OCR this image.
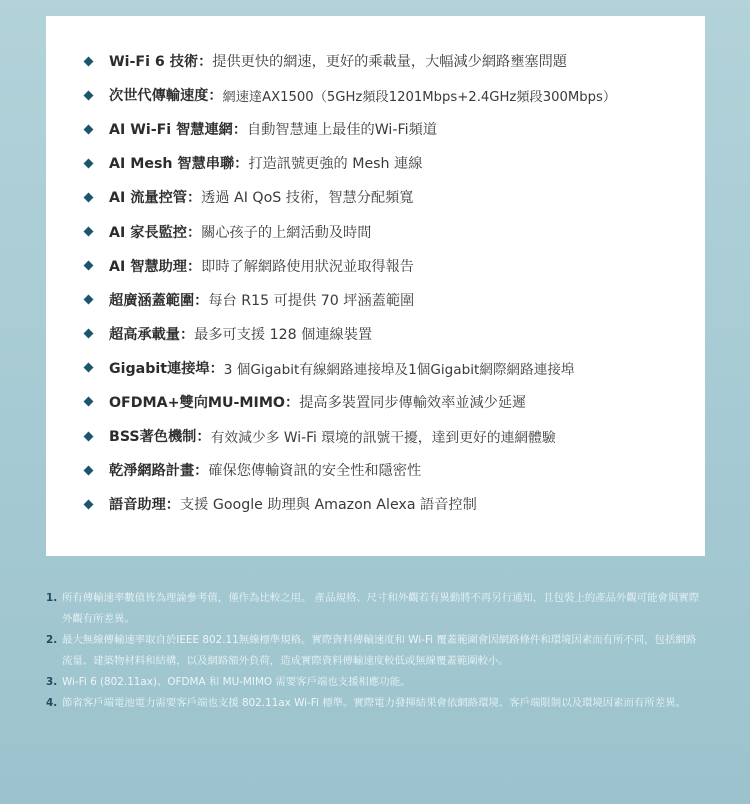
Wi-Fi 6 技術： 提供更快的網速，更好的乘載量，大幅減少網路壅塞問題
次世代傳輸速度： 網速達AX1500（5GHz頻段1201Mbps+2.4GHz頻段300Mbps）
AI Wi-Fi 智慧連網： 自動智慧連上最佳的Wi-Fi頻道
AI Mesh 智慧串聯： 打造訊號更強的 Mesh 連線
AI 流量控管： 透過 AI QoS 技術，智慧分配頻寬
AI 家長監控： 關心孩子的上網活動及時間
AI 智慧助理： 即時了解網路使用狀況並取得報告
超廣涵蓋範圍： 每台 R15 可提供 70 坪涵蓋範圍
超高承載量： 最多可支援 128 個連線裝置
Gigabit連接埠： 3 個Gigabit有線網路連接埠及1個Gigabit網際網路連接埠
OFDMA+雙向MU-MIMO： 提高多裝置同步傳輸效率並減少延遲
BSS著色機制： 有效減少多 Wi-Fi 環境的訊號干擾，達到更好的連網體驗
乾淨網路計畫： 確保您傳輸資訊的安全性和隱密性
語音助理： 支援 Google 助理與 Amazon Alexa 語音控制
1. 所有傳輸速率數值皆為理論參考值，僅作為比較之用。 產品規格、尺寸和外觀若有異動將不再另行通知，且包裝上的產品外觀可能會與實際外觀有所差異。
2. 最大無線傳輸速率取自於IEEE 802.11無線標準規格。實際資料傳輸速度和 Wi-Fi 覆蓋範圍會因網路條件和環境因素而有所不同，包括網路流量、建築物材料和結構，以及網路額外負荷，造成實際資料傳輸速度較低或無線覆蓋範圍較小。
3. Wi-Fi 6 (802.11ax)、OFDMA 和 MU-MIMO 需要客戶端也支援相應功能。
4. 節省客戶端電池電力需要客戶端也支援 802.11ax Wi-Fi 標準。實際電力發揮結果會依網路環境、客戶端限制以及環境因素而有所差異。
